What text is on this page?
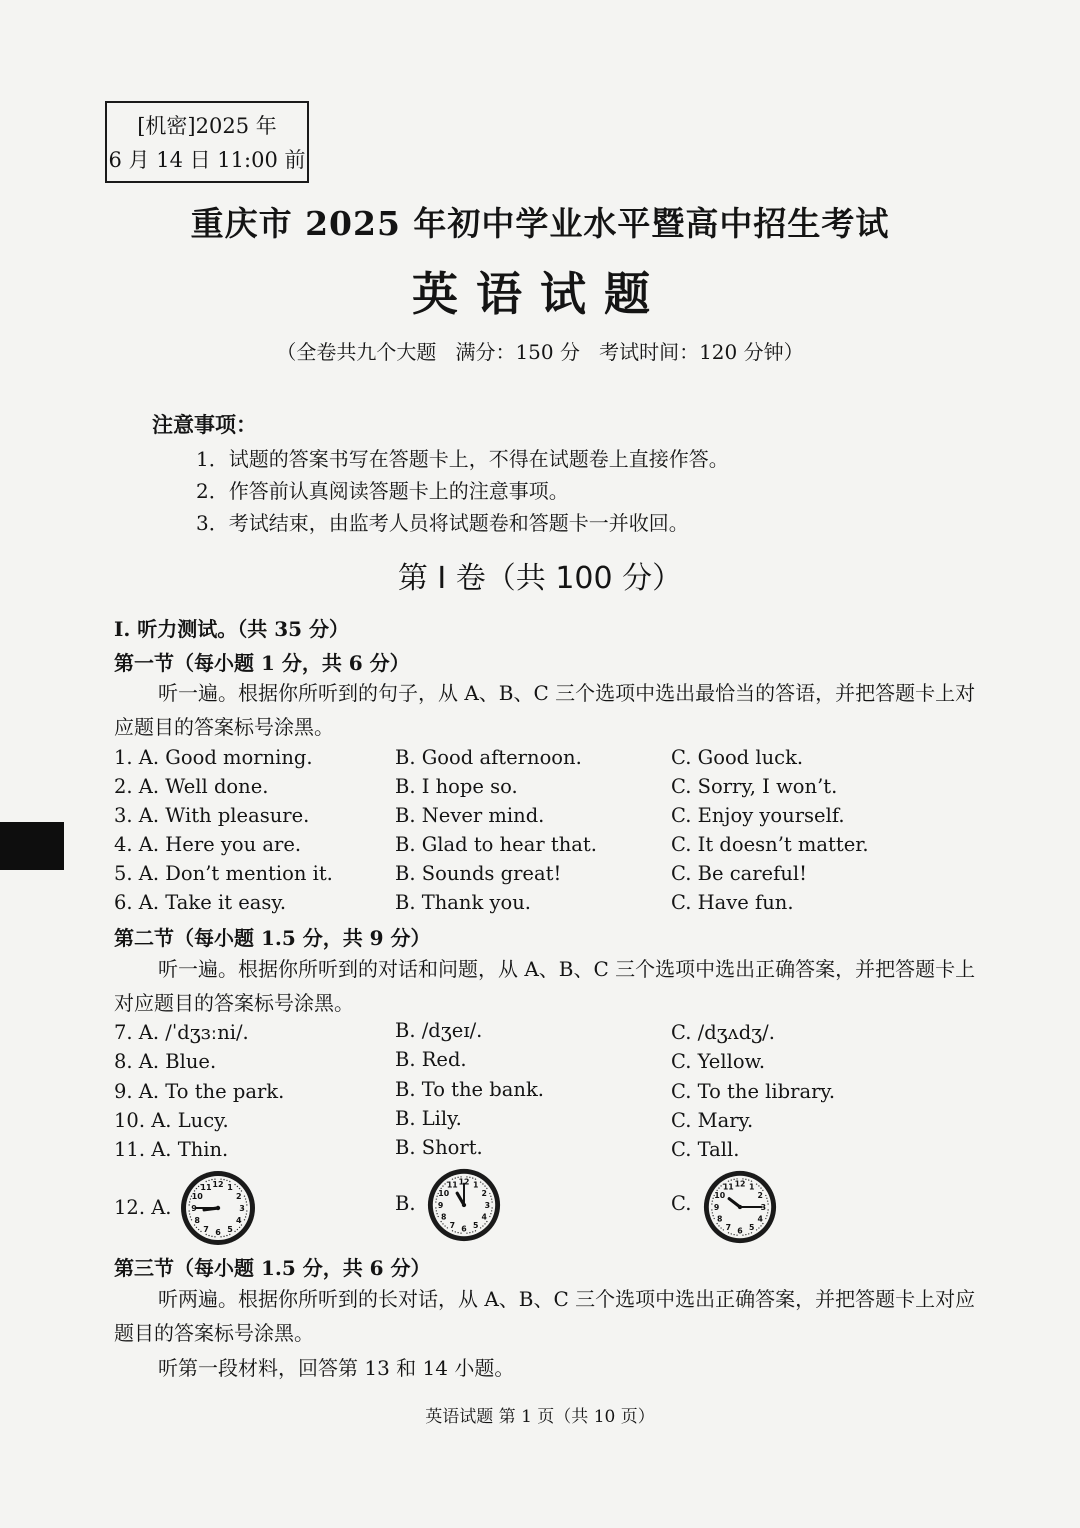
[机密]2025 年
6 月 14 日 11:00 前
重庆市 2025 年初中学业水平暨高中招生考试
英语试题
（全卷共九个大题   满分：150 分   考试时间：120 分钟）
注意事项：
1．试题的答案书写在答题卡上，不得在试题卷上直接作答。
2．作答前认真阅读答题卡上的注意事项。
3．考试结束，由监考人员将试题卷和答题卡一并收回。
第 I 卷（共 100 分）
I. 听力测试。（共 35 分）
第一节（每小题 1 分，共 6 分）
听一遍。根据你所听到的句子，从 A、B、C 三个选项中选出最恰当的答语，并把答题卡上对应题目的答案标号涂黑。
1. A. Good morning.	B. Good afternoon.	C. Good luck.
2. A. Well done.	B. I hope so.	C. Sorry, I won’t.
3. A. With pleasure.	B. Never mind.	C. Enjoy yourself.
4. A. Here you are.	B. Glad to hear that.	C. It doesn’t matter.
5. A. Don’t mention it.	B. Sounds great!	C. Be careful!
6. A. Take it easy.	B. Thank you.	C. Have fun.
第二节（每小题 1.5 分，共 9 分）
听一遍。根据你所听到的对话和问题，从 A、B、C 三个选项中选出正确答案，并把答题卡上对应题目的答案标号涂黑。
7. A. /ˈdʒɜːni/.	B. /dʒeɪ/.	C. /dʒʌdʒ/.
8. A. Blue.	B. Red.	C. Yellow.
9. A. To the park.	B. To the bank.	C. To the library.
10. A. Lucy.	B. Lily.	C. Mary.
11. A. Thin.	B. Short.	C. Tall.
12. A.	B.	C.
12 1
2
3
4
5
6
7
8
9
10
11
12 1
2
3
4
5
6
7
8
9
10
11	12 1
2
3
4
5
6
7
8
9
10
11
第三节（每小题 1.5 分，共 6 分）
听两遍。根据你所听到的长对话，从 A、B、C 三个选项中选出正确答案，并把答题卡上对应题目的答案标号涂黑。
听第一段材料，回答第 13 和 14 小题。
英语试题 第 1 页（共 10 页）
